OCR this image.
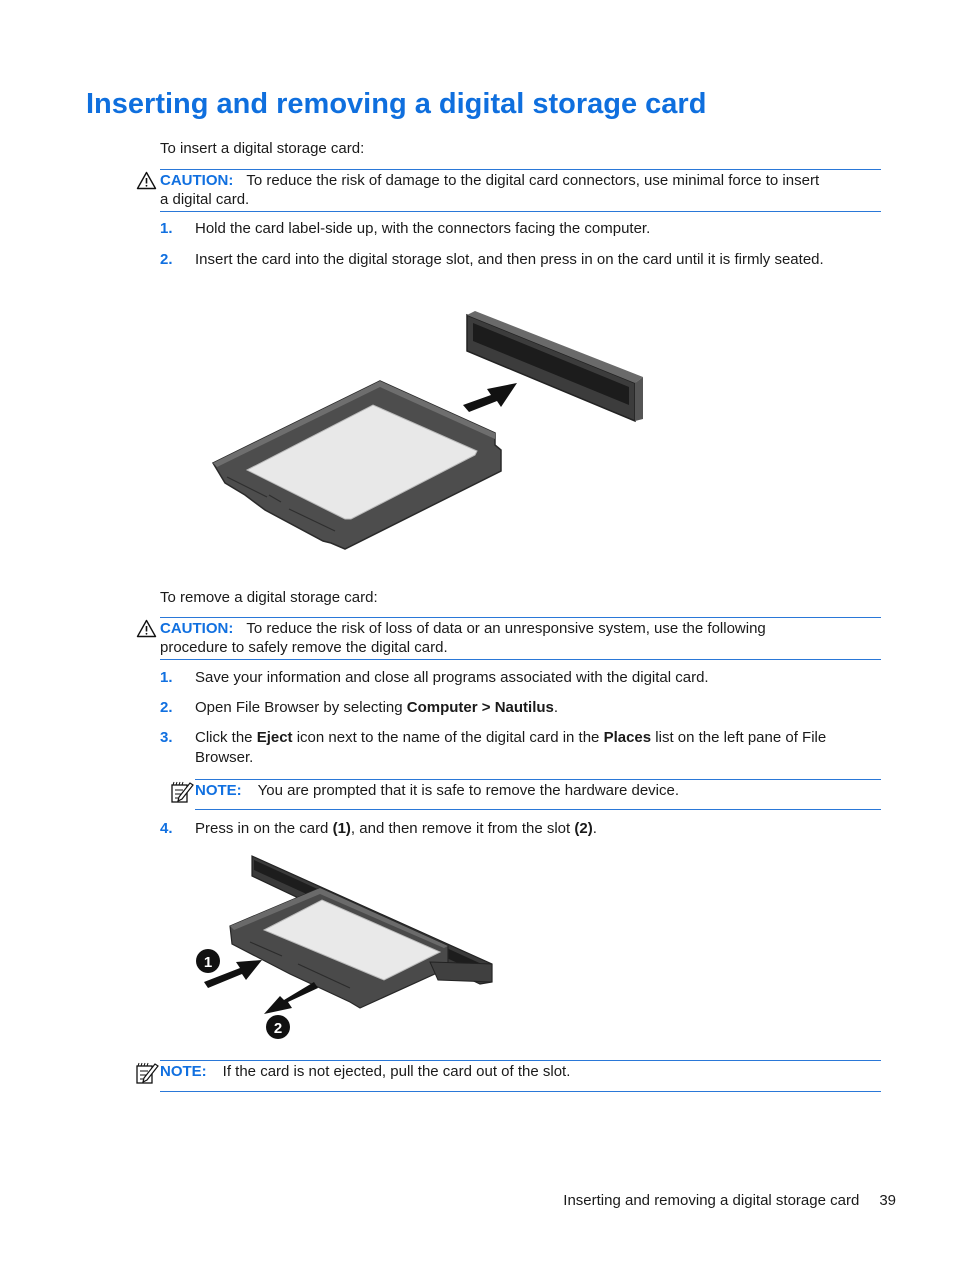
Inserting and removing a digital storage card
To insert a digital storage card:
CAUTION: To reduce the risk of damage to the digital card connectors, use minimal force to insert
a digital card.
1. Hold the card label-side up, with the connectors facing the computer.
2. Insert the card into the digital storage slot, and then press in on the card until it is firmly seated.
To remove a digital storage card:
CAUTION: To reduce the risk of loss of data or an unresponsive system, use the following
procedure to safely remove the digital card.
1. Save your information and close all programs associated with the digital card.
2. Open File Browser by selecting Computer > Nautilus.
3. Click the Eject icon next to the name of the digital card in the Places list on the left pane of File
Browser.
NOTE: You are prompted that it is safe to remove the hardware device.
4. Press in on the card (1), and then remove it from the slot (2).
1
2
NOTE: If the card is not ejected, pull the card out of the slot.
Inserting and removing a digital storage card 39
